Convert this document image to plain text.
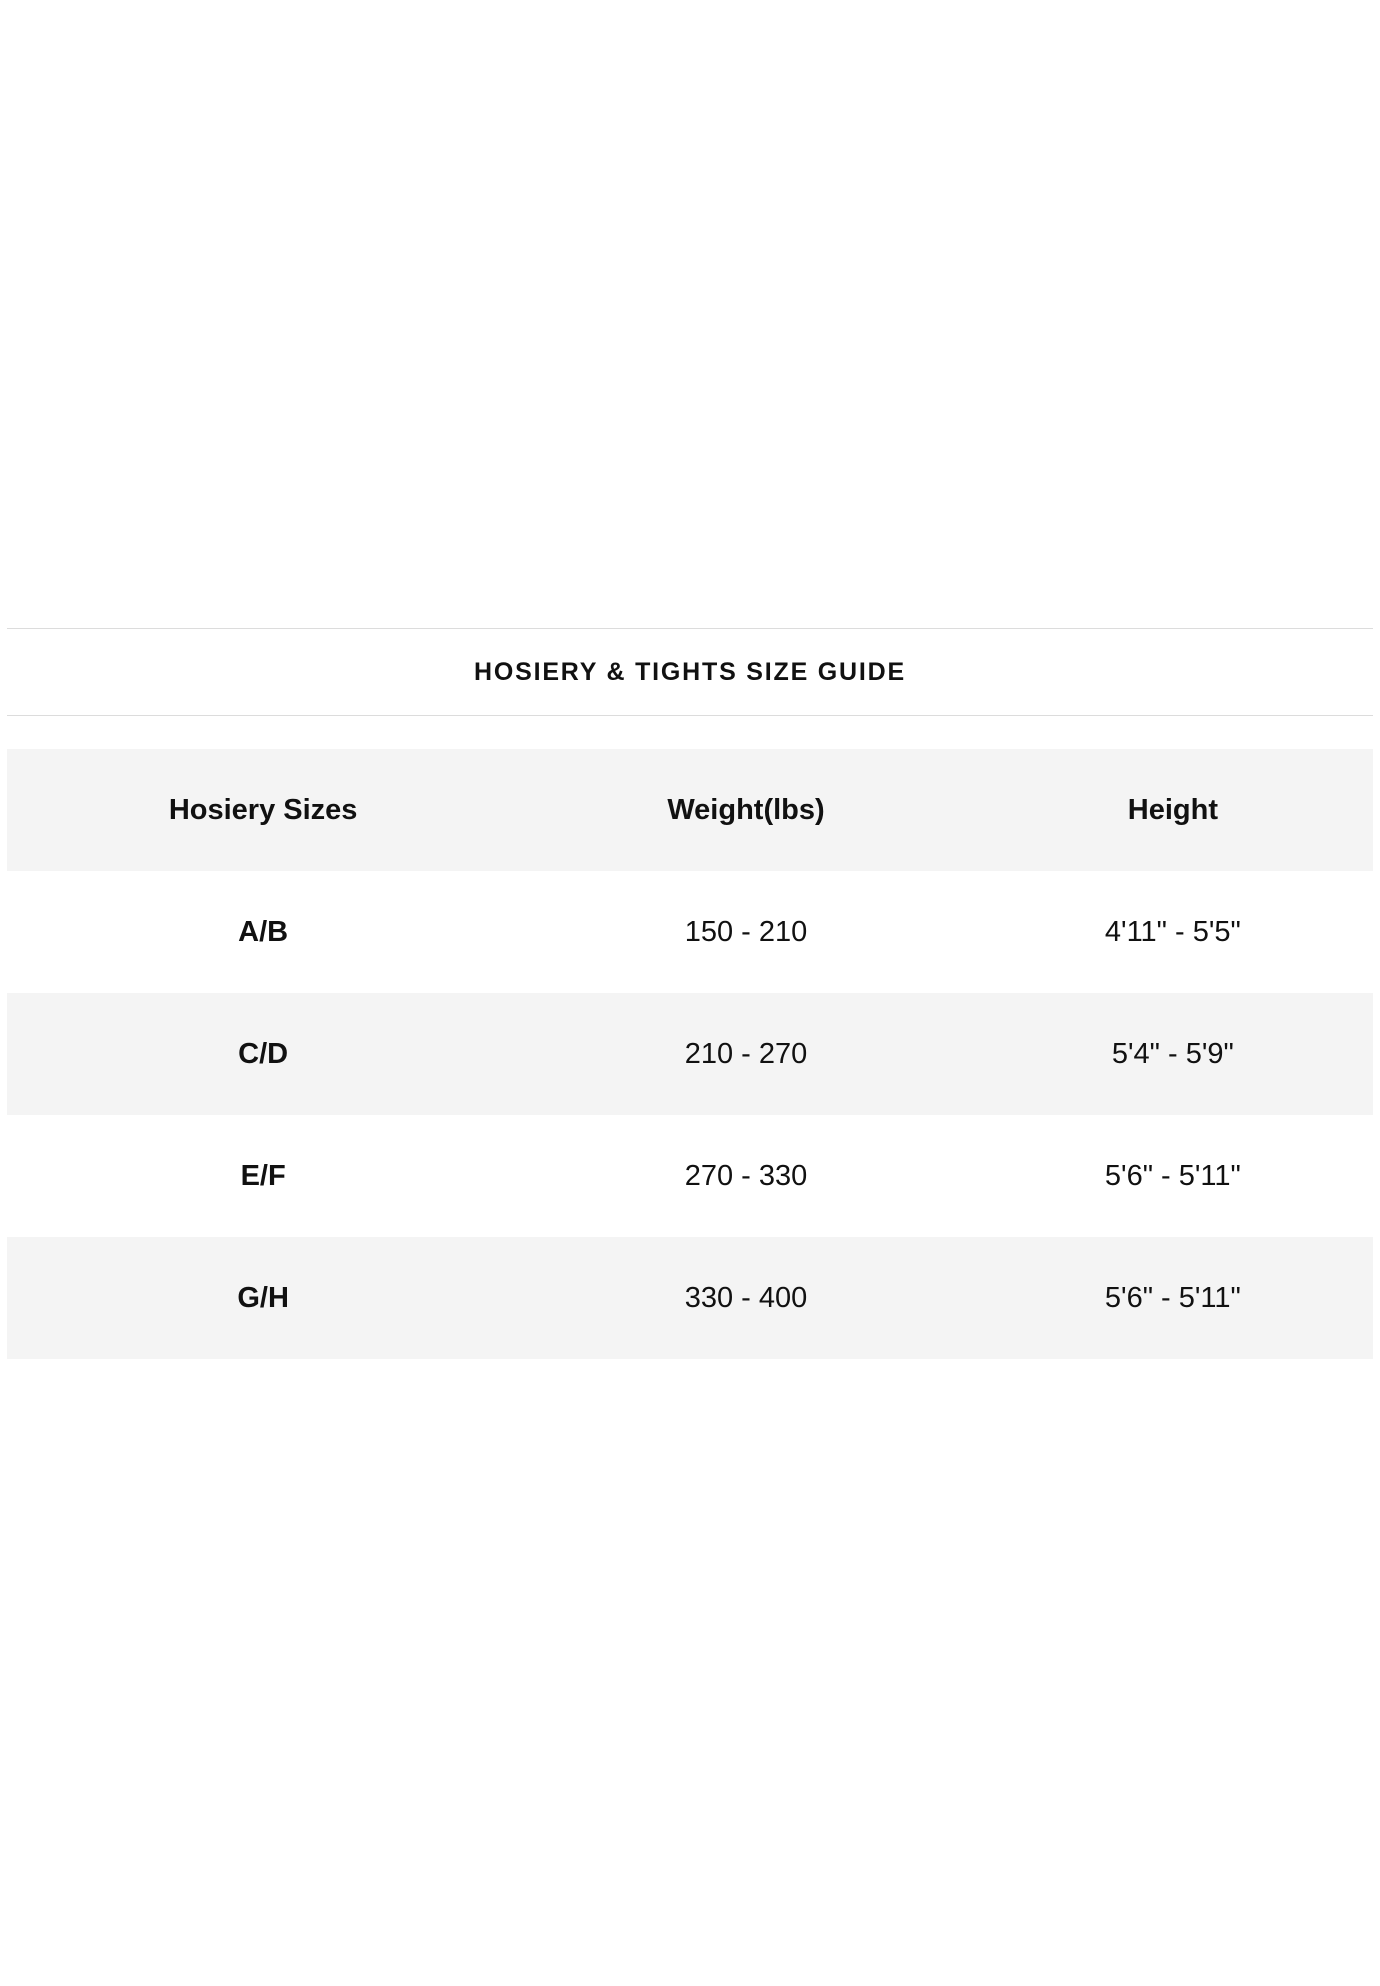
HOSIERY & TIGHTS SIZE GUIDE
Hosiery Sizes	Weight(lbs)	Height
A/B	150 - 210	4'11" - 5'5"
C/D	210 - 270	5'4" - 5'9"
E/F	270 - 330	5'6" - 5'11"
G/H	330 - 400	5'6" - 5'11"
